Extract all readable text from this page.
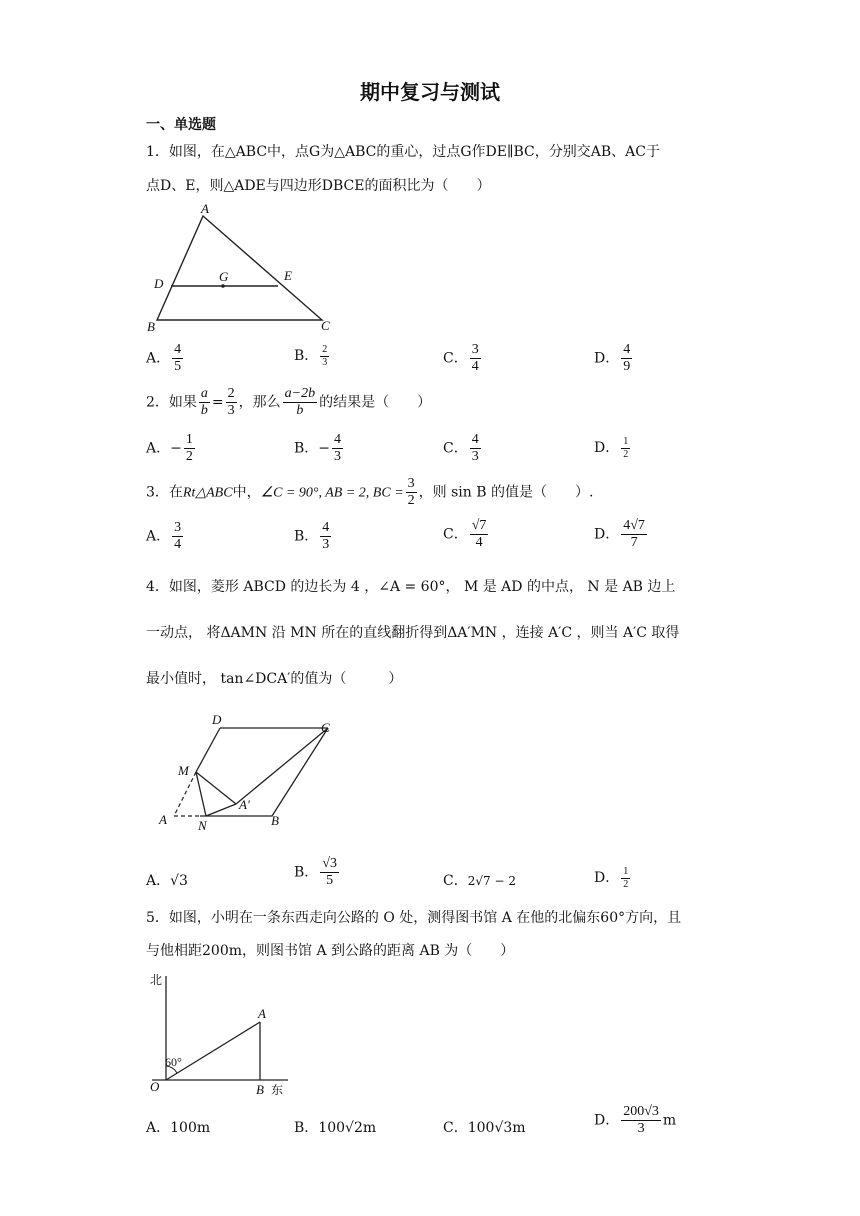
期中复习与测试
一、单选题
1．如图，在△ABC中，点G为△ABC的重心，过点G作DE∥BC，分别交AB、AC于
点D、E，则△ADE与四边形DBCE的面积比为（　　）
A
D	G	E
B	C
A． $\frac{4}{5}$	B． $\frac{2}{3}$	C． $\frac{3}{4}$	D． $\frac{4}{9}$
2．如果 $\frac{a}{b} = \frac{2}{3}$ ，那么 $\frac{a-2b}{b}$ 的结果是（　　）
A．− $\frac{1}{2}$	B．− $\frac{4}{3}$	C． $\frac{4}{3}$	D． $\frac{1}{2}$
3．在Rt△ABC中，∠C = 90°, AB = 2, BC = $\frac{3}{2}$ ，则 sin B 的值是（　　）.
A． $\frac{3}{4}$	B． $\frac{4}{3}$	C． $\frac{√7}{4}$	D． $\frac{4√7}{7}$
4．如图，菱形 ABCD 的边长为 4 ，∠A = 60°， M 是 AD 的中点， N 是 AB 边上
一动点， 将ΔAMN 沿 MN 所在的直线翻折得到ΔA′MN ，连接 A′C ，则当 A′C 取得
最小值时， tan∠DCA′的值为（　　　）
D
C
M
A′
A N	B
A．√3
B． $\frac{√3}{5}$	C．2√7 − 2	D． $\frac{1}{2}$
5．如图，小明在一条东西走向公路的 O 处，测得图书馆 A 在他的北偏东60°方向，且
与他相距200m，则图书馆 A 到公路的距离 AB 为（　　）
北
A
60°
O	B 东
A．100m	B．100√2m	C．100√3m	D． $\frac{200√3}{3}$ m
